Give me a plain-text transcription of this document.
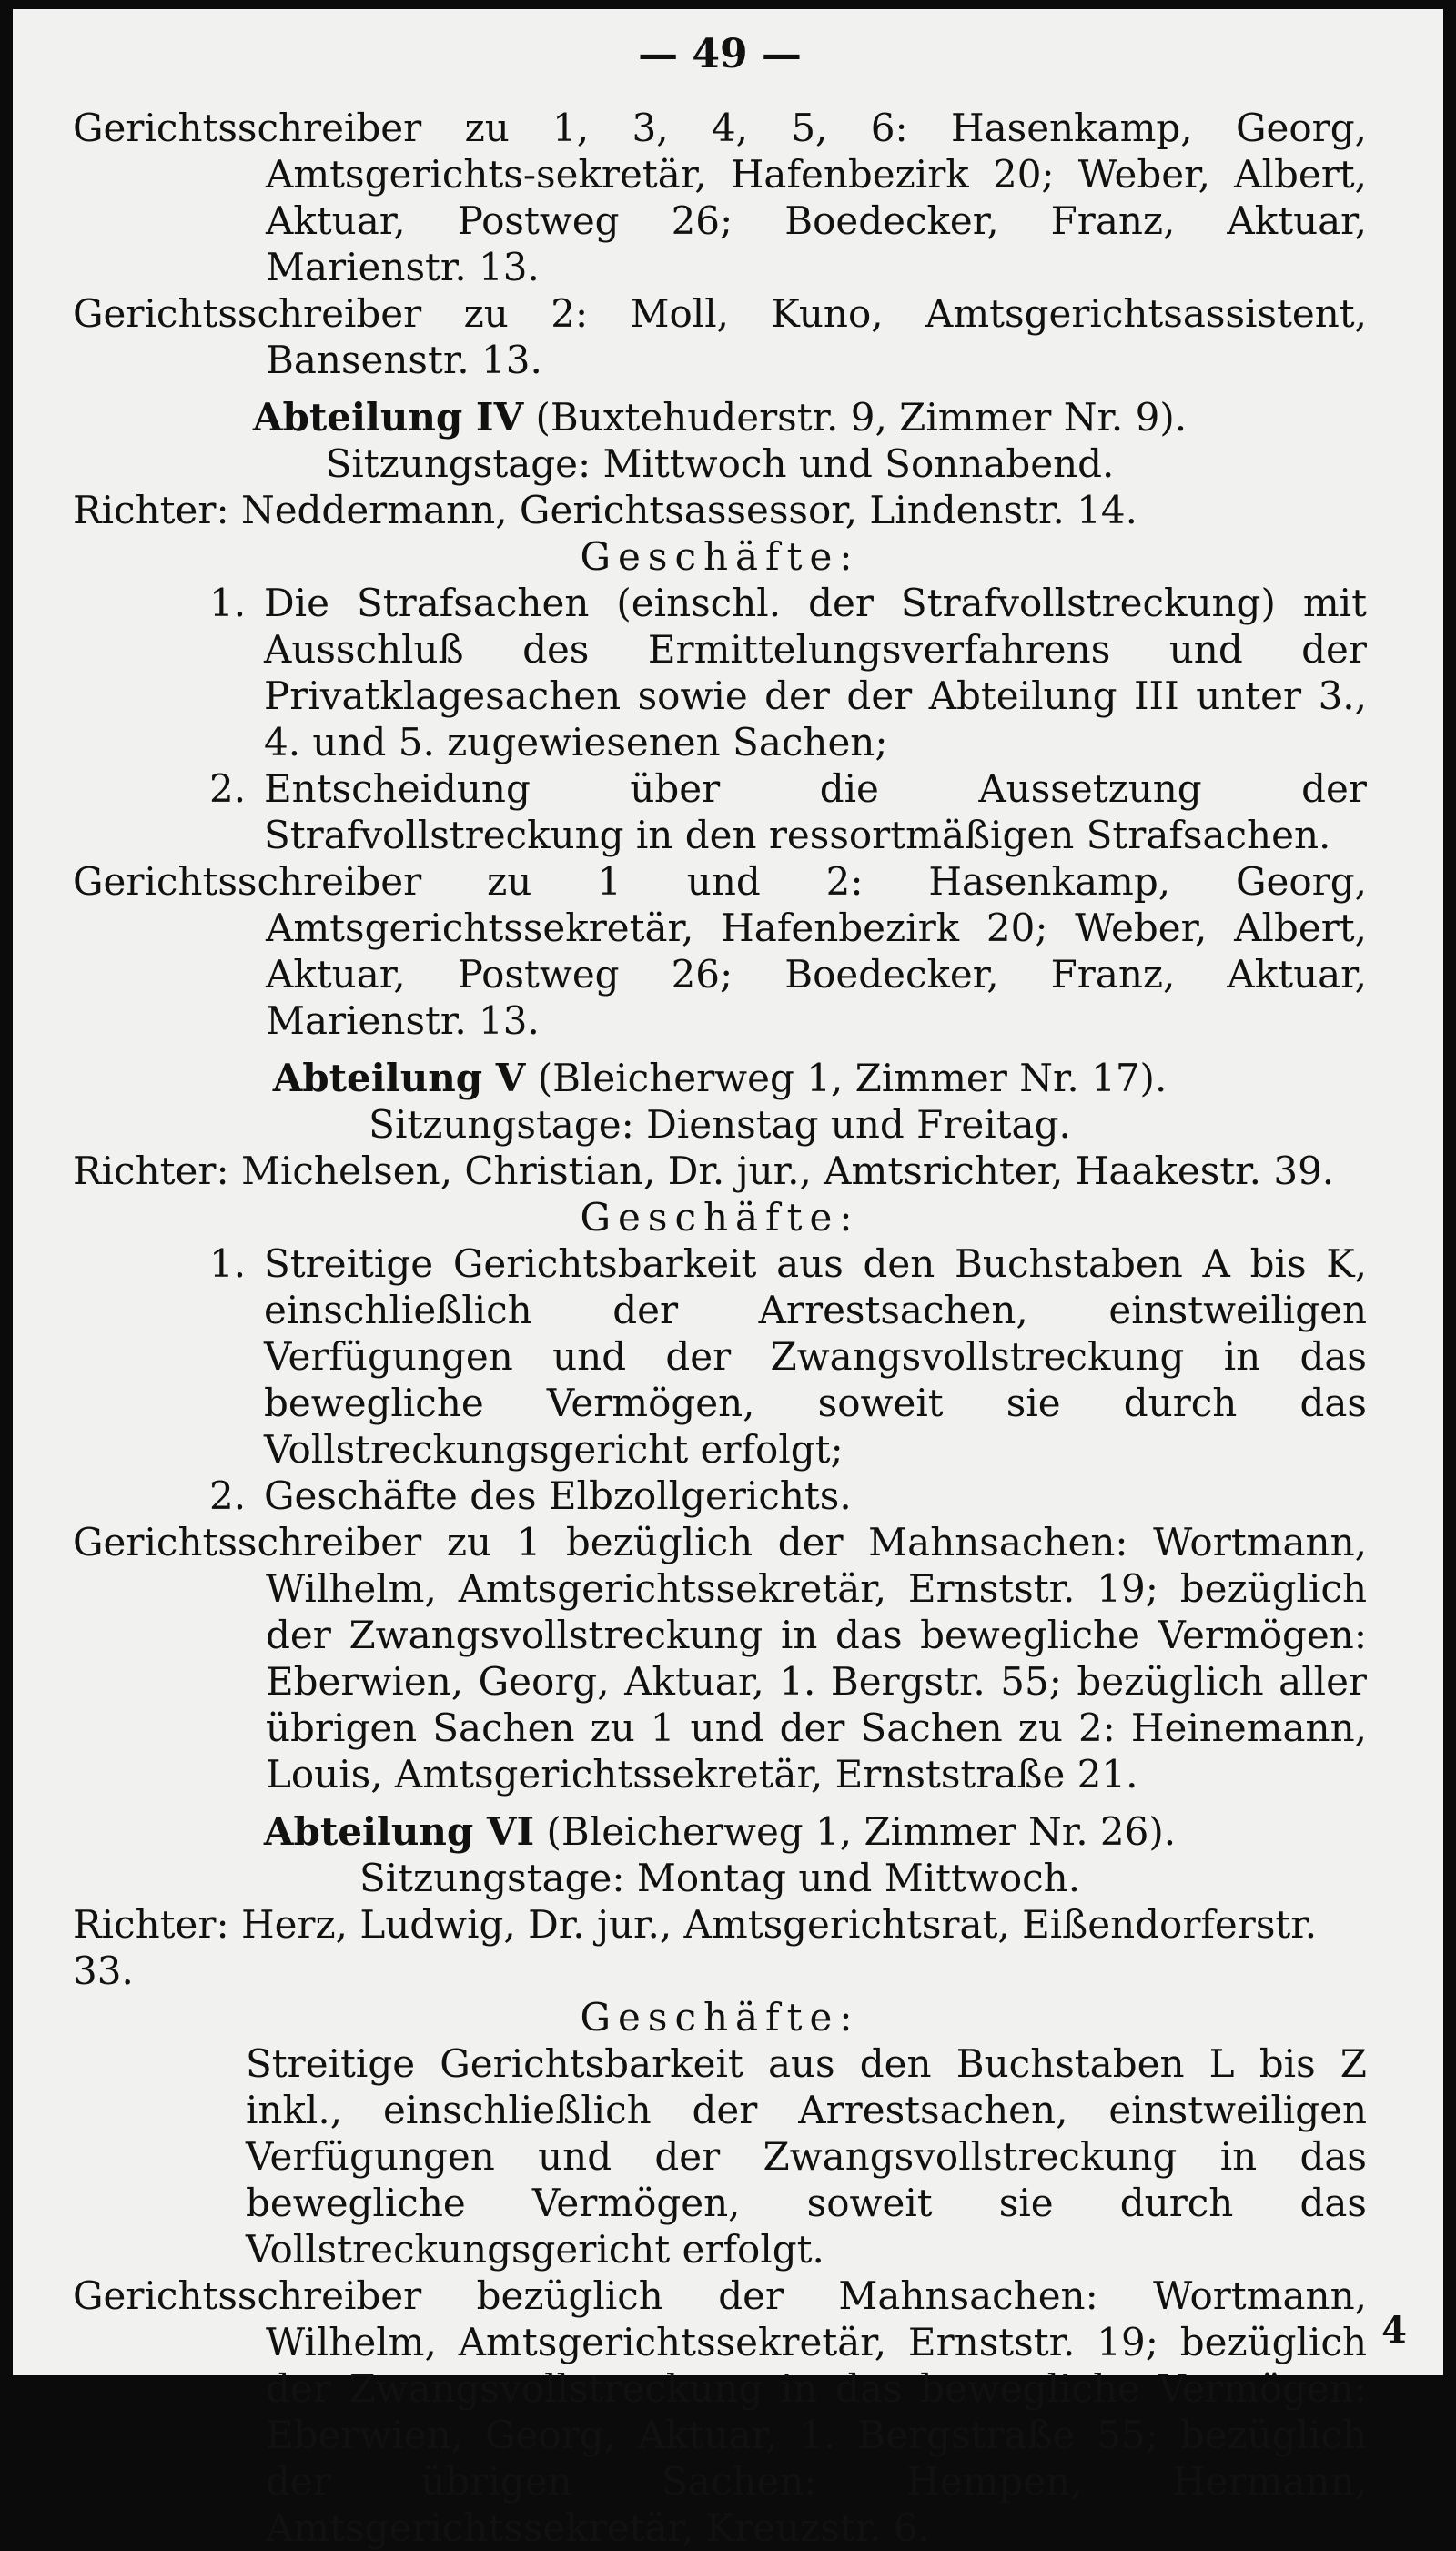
— 49 —

Gerichtsschreiber zu 1, 3, 4, 5, 6: Hasenkamp, Georg, Amtsgerichts-sekretär, Hafenbezirk 20; Weber, Albert, Aktuar, Postweg 26; Boedecker, Franz, Aktuar, Marienstr. 13.

Gerichtsschreiber zu 2: Moll, Kuno, Amtsgerichtsassistent, Bansenstr. 13.

Abteilung IV (Buxtehuderstr. 9, Zimmer Nr. 9).

Sitzungstage: Mittwoch und Sonnabend.

Richter: Neddermann, Gerichtsassessor, Lindenstr. 14.

Geschäfte:

1. Die Strafsachen (einschl. der Strafvollstreckung) mit Ausschluß des Ermittelungsverfahrens und der Privatklagesachen sowie der der Abteilung III unter 3., 4. und 5. zugewiesenen Sachen;
2. Entscheidung über die Aussetzung der Strafvollstreckung in den ressortmäßigen Strafsachen.

Gerichtsschreiber zu 1 und 2: Hasenkamp, Georg, Amtsgerichtssekretär, Hafenbezirk 20; Weber, Albert, Aktuar, Postweg 26; Boedecker, Franz, Aktuar, Marienstr. 13.

Abteilung V (Bleicherweg 1, Zimmer Nr. 17).

Sitzungstage: Dienstag und Freitag.

Richter: Michelsen, Christian, Dr. jur., Amtsrichter, Haakestr. 39.

Geschäfte:

1. Streitige Gerichtsbarkeit aus den Buchstaben A bis K, einschließlich der Arrestsachen, einstweiligen Verfügungen und der Zwangsvollstreckung in das bewegliche Vermögen, soweit sie durch das Vollstreckungsgericht erfolgt;
2. Geschäfte des Elbzollgerichts.

Gerichtsschreiber zu 1 bezüglich der Mahnsachen: Wortmann, Wilhelm, Amtsgerichtssekretär, Ernststr. 19; bezüglich der Zwangsvollstreckung in das bewegliche Vermögen: Eberwien, Georg, Aktuar, 1. Bergstr. 55; bezüglich aller übrigen Sachen zu 1 und der Sachen zu 2: Heinemann, Louis, Amtsgerichtssekretär, Ernststraße 21.

Abteilung VI (Bleicherweg 1, Zimmer Nr. 26).

Sitzungstage: Montag und Mittwoch.

Richter: Herz, Ludwig, Dr. jur., Amtsgerichtsrat, Eißendorferstr. 33.

Geschäfte:

Streitige Gerichtsbarkeit aus den Buchstaben L bis Z inkl., einschließlich der Arrestsachen, einstweiligen Verfügungen und der Zwangsvollstreckung in das bewegliche Vermögen, soweit sie durch das Vollstreckungsgericht erfolgt.

Gerichtsschreiber bezüglich der Mahnsachen: Wortmann, Wilhelm, Amtsgerichtssekretär, Ernststr. 19; bezüglich der Zwangsvollstreckung in das bewegliche Vermögen: Eberwien, Georg, Aktuar, 1. Bergstraße 55; bezüglich der übrigen Sachen: Hempen, Hermann, Amtsgerichtssekretär, Kreuzstr. 6.

4
